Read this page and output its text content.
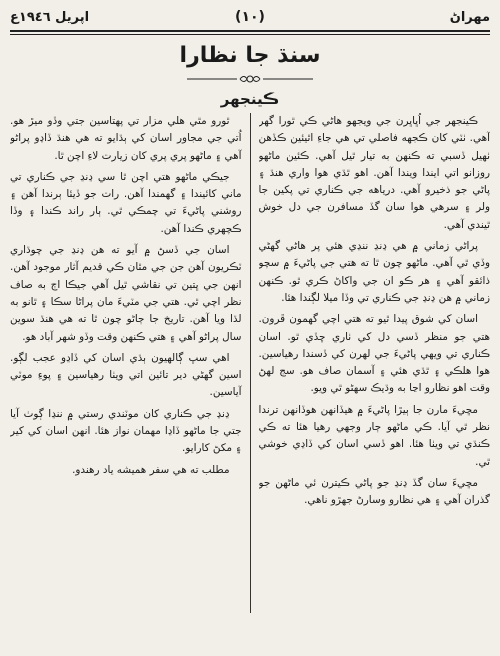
اپريل ١٩٤٦ع	(١٠)	مهراڻ
سنڌ جا نظارا
ڪينجهر

ڪينجهر جي اُڀاڀرن جي ويجهو هاڻي ڪي ٿورا گهر آهي. ٺٽي کان ڪجهه فاصلي تي هي جاءِ اٿيئين ڪڏهن ٺهيل ڏسبي ته ڪنهن به تيار ٿيل آهي. ڪئين ماڻهو روزانو اتي ايندا ويندا آهن. اهو ٿڌي هوا واري هنڌ ۽ پاڻي جو ذخيرو آهي. درياهه جي ڪناري تي پکين جا ولر ۽ سرهي هوا سان گڏ مسافرن جي دل خوش ٿيندي آهي.

پراڻي زماني ۾ هي ڍنڍ ننڍي هئي پر هاڻي گهڻي وڏي ٿي آهي. ماڻهو چون ٿا ته هتي جي پاڻيءَ ۾ سچو ذائقو آهي ۽ هر ڪو ان جي واکاڻ ڪري ٿو. ڪنهن زماني ۾ هن ڍنڍ جي ڪناري تي وڏا ميلا لڳندا هئا.

اسان کي شوق پيدا ٿيو ته هتي اچي گهمون ڦرون. هتي جو منظر ڏسي دل کي ٺاري ڇڏي ٿو. اسان ڪناري تي ويهي پاڻيءَ جي لهرن کي ڏسندا رهياسين. هوا هلڪي ۽ ٿڌي هئي ۽ آسمان صاف هو. سج لهڻ وقت اهو نظارو اڃا به وڌيڪ سهڻو ٿي ويو.

مڇيءَ مارن جا ٻيڙا پاڻيءَ ۾ هيڏانهن هوڏانهن ترندا نظر ٿي آيا. ڪي ماڻهو ڄار وجهي رهيا هئا ته ڪي ڪنڌي تي ويٺا هئا. اهو ڏسي اسان کي ڏاڍي خوشي ٿي.

مڇيءَ سان گڏ ڍنڍ جو پاڻي ڪيترن ئي ماڻهن جو گذران آهي ۽ هي نظارو وسارڻ جهڙو ناهي.

ٿورو مٿي هلي مزار تي پهتاسين جتي وڏو ميڙ هو. اُتي جي مجاور اسان کي ٻڌايو ته هي هنڌ ڏاڍو پراڻو آهي ۽ ماڻهو پري پري کان زيارت لاءِ اچن ٿا.

جيڪي ماڻهو هتي اچن ٿا سي ڍنڍ جي ڪناري تي ماني کائيندا ۽ گهمندا آهن. رات جو ڏيئا ٻرندا آهن ۽ روشني پاڻيءَ تي چمڪي ٿي. ٻار راند ڪندا ۽ وڏا ڪچهري ڪندا آهن.

اسان جي ڏسڻ ۾ آيو ته هن ڍنڍ جي چوڌاري ٽڪريون آهن جن جي مٿان ڪي قديم آثار موجود آهن. انهن جي ڀتين تي نقاشي ٿيل آهي جيڪا اڄ به صاف نظر اچي ٿي. هتي جي مٽيءَ مان پراڻا سڪا ۽ ٿانو به لڌا ويا آهن. تاريخ جا ڄاڻو چون ٿا ته هي هنڌ سوين سال پراڻو آهي ۽ هتي ڪنهن وقت وڏو شهر آباد هو.

اهي سڀ ڳالهيون ٻڌي اسان کي ڏاڍو عجب لڳو. اسين گهڻي دير تائين اتي ويٺا رهياسين ۽ پوءِ موٽي آياسين.

ڍنڍ جي ڪناري کان موٽندي رستي ۾ ننڍا ڳوٺ آيا جتي جا ماڻهو ڏاڍا مهمان نواز هئا. انهن اسان کي کير ۽ مکڻ کارايو.

مطلب ته هي سفر هميشه ياد رهندو.
